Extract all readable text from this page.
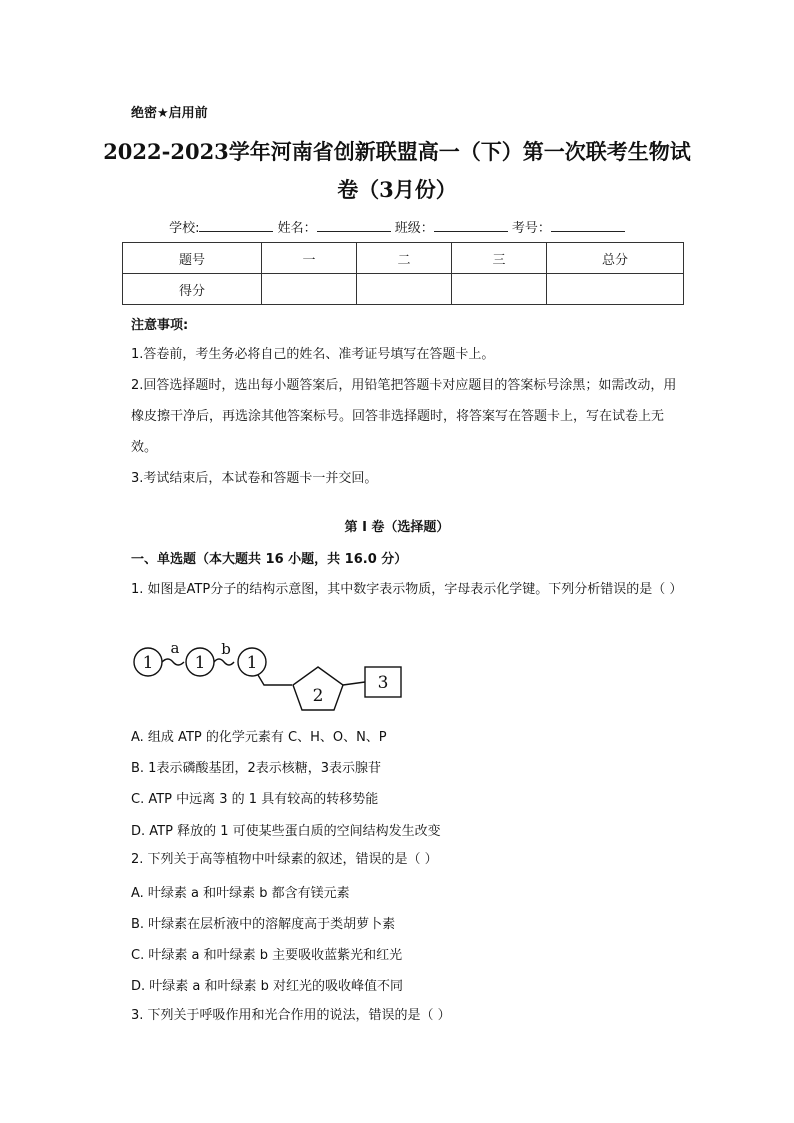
绝密★启用前
2022-2023学年河南省创新联盟高一（下）第一次联考生物试
卷（3月份）
学校:	姓名：	班级：	考号：
题号	一	二	三	总分
得分				
注意事项:
1.答卷前，考生务必将自己的姓名、准考证号填写在答题卡上。
2.回答选择题时，选出每小题答案后，用铅笔把答题卡对应题目的答案标号涂黑；如需改动，用橡皮擦干净后，再选涂其他答案标号。回答非选择题时，将答案写在答题卡上，写在试卷上无效。
3.考试结束后，本试卷和答题卡一并交回。
第 I 卷（选择题）
一、单选题（本大题共 16 小题，共 16.0 分）
1. 如图是ATP分子的结构示意图，其中数字表示物质，字母表示化学键。下列分析错误的是（ ）
1 1 1
a	b
2
3
A. 组成 ATP 的化学元素有 C、H、O、N、P
B. 1表示磷酸基团，2表示核糖，3表示腺苷
C. ATP 中远离 3 的 1 具有较高的转移势能
D. ATP 释放的 1 可使某些蛋白质的空间结构发生改变
2. 下列关于高等植物中叶绿素的叙述，错误的是（ ）
A. 叶绿素 a 和叶绿素 b 都含有镁元素
B. 叶绿素在层析液中的溶解度高于类胡萝卜素
C. 叶绿素 a 和叶绿素 b 主要吸收蓝紫光和红光
D. 叶绿素 a 和叶绿素 b 对红光的吸收峰值不同
3. 下列关于呼吸作用和光合作用的说法，错误的是（ ）
